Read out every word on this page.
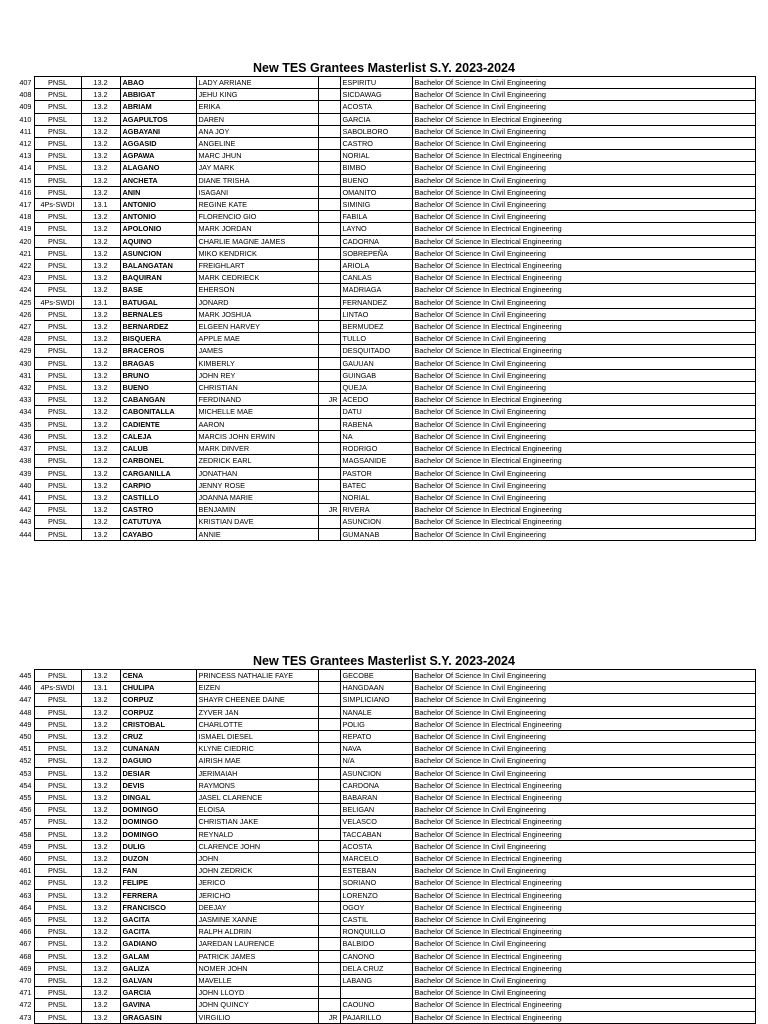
New TES Grantees Masterlist S.Y. 2023-2024
407	PNSL	13.2	ABAO	LADY ARRIANE		ESPIRITU	Bachelor Of Science In Civil Engineering
408	PNSL	13.2	ABBIGAT	JEHU KING		SICDAWAG	Bachelor Of Science In Civil Engineering
409	PNSL	13.2	ABRIAM	ERIKA		ACOSTA	Bachelor Of Science In Civil Engineering
410	PNSL	13.2	AGAPULTOS	DAREN		GARCIA	Bachelor Of Science In Electrical Engineering
411	PNSL	13.2	AGBAYANI	ANA JOY		SABOLBORO	Bachelor Of Science In Civil Engineering
412	PNSL	13.2	AGGASID	ANGELINE		CASTRO	Bachelor Of Science In Civil Engineering
413	PNSL	13.2	AGPAWA	MARC JHUN		NORIAL	Bachelor Of Science In Electrical Engineering
414	PNSL	13.2	ALAGANO	JAY MARK		BIMBO	Bachelor Of Science In Civil Engineering
415	PNSL	13.2	ANCHETA	DIANE TRISHA		BUENO	Bachelor Of Science In Civil Engineering
416	PNSL	13.2	ANIN	ISAGANI		OMANITO	Bachelor Of Science In Civil Engineering
417	4Ps-SWDI	13.1	ANTONIO	REGINE KATE		SIMINIG	Bachelor Of Science In Civil Engineering
418	PNSL	13.2	ANTONIO	FLORENCIO GIO		FABILA	Bachelor Of Science In Civil Engineering
419	PNSL	13.2	APOLONIO	MARK JORDAN		LAYNO	Bachelor Of Science In Electrical Engineering
420	PNSL	13.2	AQUINO	CHARLIE MAGNE JAMES		CADORNA	Bachelor Of Science In Electrical Engineering
421	PNSL	13.2	ASUNCION	MIKO KENDRICK		SOBREPEÑA	Bachelor Of Science In Civil Engineering
422	PNSL	13.2	BALANGATAN	FREIGHLART		ARIOLA	Bachelor Of Science In Electrical Engineering
423	PNSL	13.2	BAQUIRAN	MARK CEDRIECK		CANLAS	Bachelor Of Science In Electrical Engineering
424	PNSL	13.2	BASE	EHERSON		MADRIAGA	Bachelor Of Science In Electrical Engineering
425	4Ps-SWDI	13.1	BATUGAL	JONARD		FERNANDEZ	Bachelor Of Science In Civil Engineering
426	PNSL	13.2	BERNALES	MARK JOSHUA		LINTAO	Bachelor Of Science In Civil Engineering
427	PNSL	13.2	BERNARDEZ	ELGEEN HARVEY		BERMUDEZ	Bachelor Of Science In Electrical Engineering
428	PNSL	13.2	BISQUERA	APPLE MAE		TULLO	Bachelor Of Science In Civil Engineering
429	PNSL	13.2	BRACEROS	JAMES		DESQUITADO	Bachelor Of Science In Electrical Engineering
430	PNSL	13.2	BRAGAS	KIMBERLY		GAUUAN	Bachelor Of Science In Civil Engineering
431	PNSL	13.2	BRUNO	JOHN REY		GUINGAB	Bachelor Of Science In Civil Engineering
432	PNSL	13.2	BUENO	CHRISTIAN		QUEJA	Bachelor Of Science In Civil Engineering
433	PNSL	13.2	CABANGAN	FERDINAND	JR	ACEDO	Bachelor Of Science In Electrical Engineering
434	PNSL	13.2	CABONITALLA	MICHELLE MAE		DATU	Bachelor Of Science In Civil Engineering
435	PNSL	13.2	CADIENTE	AARON		RABENA	Bachelor Of Science In Civil Engineering
436	PNSL	13.2	CALEJA	MARCIS JOHN ERWIN		NA	Bachelor Of Science In Civil Engineering
437	PNSL	13.2	CALUB	MARK DINVER		RODRIGO	Bachelor Of Science In Electrical Engineering
438	PNSL	13.2	CARBONEL	ZEDRICK EARL		MAGSANIDE	Bachelor Of Science In Electrical Engineering
439	PNSL	13.2	CARGANILLA	JONATHAN		PASTOR	Bachelor Of Science In Civil Engineering
440	PNSL	13.2	CARPIO	JENNY ROSE		BATEC	Bachelor Of Science In Civil Engineering
441	PNSL	13.2	CASTILLO	JOANNA MARIE		NORIAL	Bachelor Of Science In Civil Engineering
442	PNSL	13.2	CASTRO	BENJAMIN	JR	RIVERA	Bachelor Of Science In Electrical Engineering
443	PNSL	13.2	CATUTUYA	KRISTIAN DAVE		ASUNCION	Bachelor Of Science In Electrical Engineering
444	PNSL	13.2	CAYABO	ANNIE		GUMANAB	Bachelor Of Science In Civil Engineering
New TES Grantees Masterlist S.Y. 2023-2024
445	PNSL	13.2	CENA	PRINCESS NATHALIE FAYE		GECOBE	Bachelor Of Science In Civil Engineering
446	4Ps-SWDI	13.1	CHULIPA	EIZEN		HANGDAAN	Bachelor Of Science In Civil Engineering
447	PNSL	13.2	CORPUZ	SHAYR CHEENEE DAINE		SIMPLICIANO	Bachelor Of Science In Civil Engineering
448	PNSL	13.2	CORPUZ	ZYVER JAN		NANALE	Bachelor Of Science In Civil Engineering
449	PNSL	13.2	CRISTOBAL	CHARLOTTE		POLIG	Bachelor Of Science In Electrical Engineering
450	PNSL	13.2	CRUZ	ISMAEL DIESEL		REPATO	Bachelor Of Science In Civil Engineering
451	PNSL	13.2	CUNANAN	KLYNE CIEDRIC		NAVA	Bachelor Of Science In Civil Engineering
452	PNSL	13.2	DAGUIO	AIRISH MAE		N/A	Bachelor Of Science In Civil Engineering
453	PNSL	13.2	DESIAR	JERIMAIAH		ASUNCION	Bachelor Of Science In Civil Engineering
454	PNSL	13.2	DEVIS	RAYMONS		CARDONA	Bachelor Of Science In Electrical Engineering
455	PNSL	13.2	DINGAL	JASEL CLARENCE		BABARAN	Bachelor Of Science In Electrical Engineering
456	PNSL	13.2	DOMINGO	ELOISA		BELIGAN	Bachelor Of Science In Civil Engineering
457	PNSL	13.2	DOMINGO	CHRISTIAN JAKE		VELASCO	Bachelor Of Science In Electrical Engineering
458	PNSL	13.2	DOMINGO	REYNALD		TACCABAN	Bachelor Of Science In Electrical Engineering
459	PNSL	13.2	DULIG	CLARENCE JOHN		ACOSTA	Bachelor Of Science In Civil Engineering
460	PNSL	13.2	DUZON	JOHN		MARCELO	Bachelor Of Science In Electrical Engineering
461	PNSL	13.2	FAN	JOHN ZEDRICK		ESTEBAN	Bachelor Of Science In Civil Engineering
462	PNSL	13.2	FELIPE	JERICO		SORIANO	Bachelor Of Science In Electrical Engineering
463	PNSL	13.2	FERRERA	JERICHO		LORENZO	Bachelor Of Science In Electrical Engineering
464	PNSL	13.2	FRANCISCO	DEEJAY		OGOY	Bachelor Of Science In Electrical Engineering
465	PNSL	13.2	GACITA	JASMINE XANNE		CASTIL	Bachelor Of Science In Civil Engineering
466	PNSL	13.2	GACITA	RALPH ALDRIN		RONQUILLO	Bachelor Of Science In Electrical Engineering
467	PNSL	13.2	GADIANO	JAREDAN LAURENCE		BALBIDO	Bachelor Of Science In Civil Engineering
468	PNSL	13.2	GALAM	PATRICK JAMES		CANONO	Bachelor Of Science In Electrical Engineering
469	PNSL	13.2	GALIZA	NOMER JOHN		DELA CRUZ	Bachelor Of Science In Electrical Engineering
470	PNSL	13.2	GALVAN	MAVELLE		LABANG	Bachelor Of Science In Civil Engineering
471	PNSL	13.2	GARCIA	JOHN LLOYD			Bachelor Of Science In Civil Engineering
472	PNSL	13.2	GAVINA	JOHN QUINCY		CAOUNO	Bachelor Of Science In Electrical Engineering
473	PNSL	13.2	GRAGASIN	VIRGILIO	JR	PAJARILLO	Bachelor Of Science In Electrical Engineering
